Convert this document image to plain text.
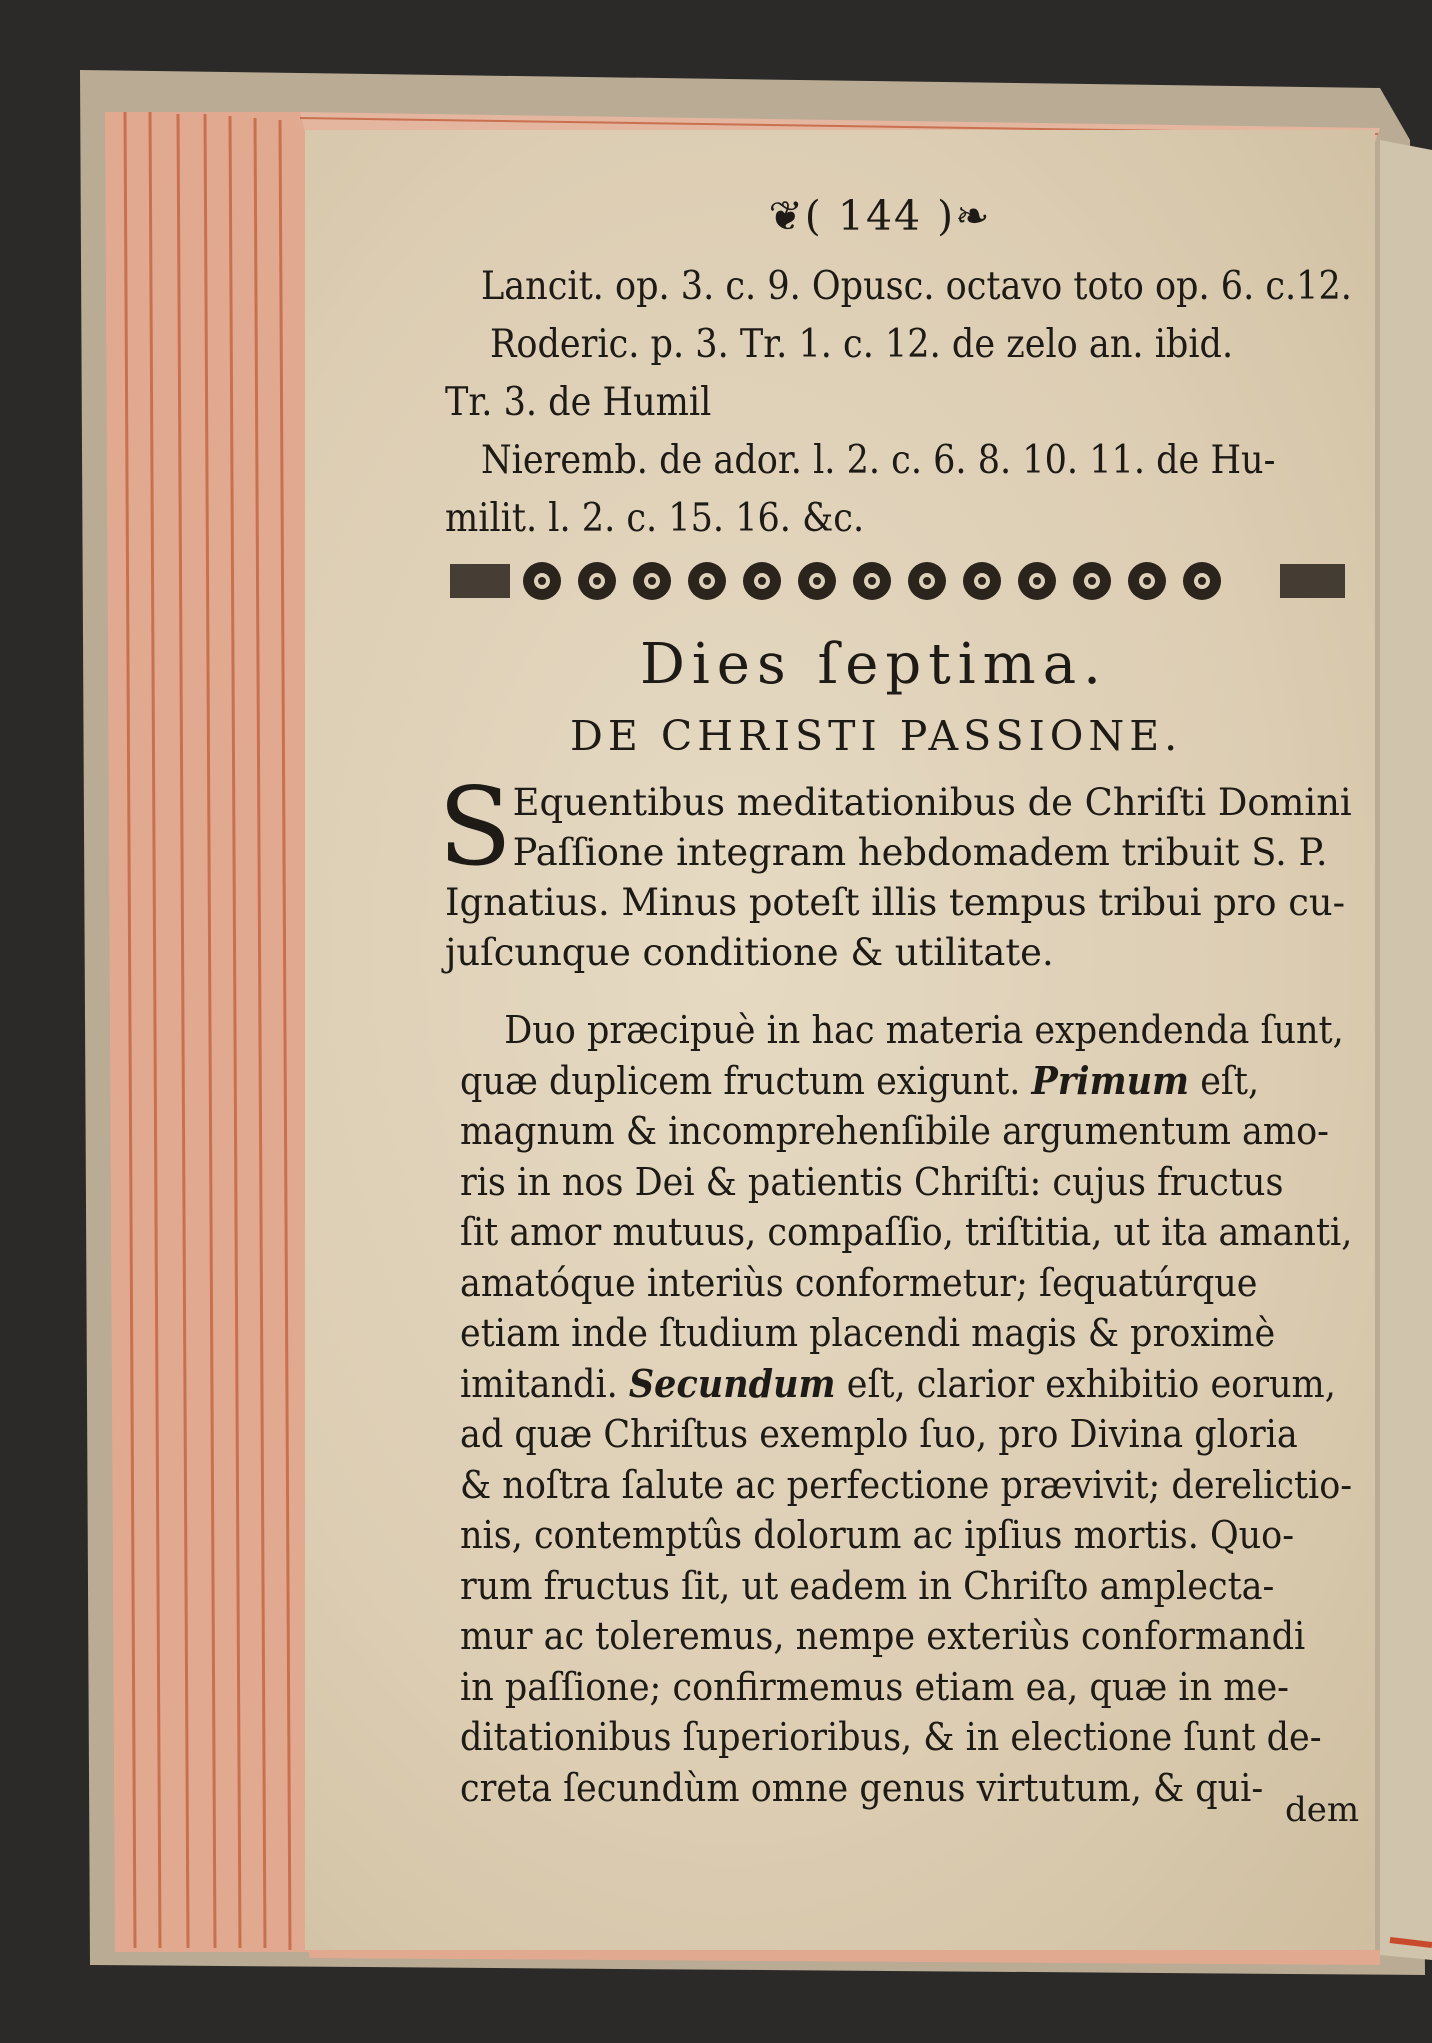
❦( 144 )❧
Lancit. op. 3. c. 9. Opusc. octavo toto op. 6. c.12.
Roderic. p. 3. Tr. 1. c. 12. de zelo an. ibid.
Tr. 3. de Humil
Nieremb. de ador. l. 2. c. 6. 8. 10. 11. de Hu-
milit. l. 2. c. 15. 16. &c.
Dies ſeptima.
DE CHRISTI PASSIONE.
S Equentibus meditationibus de Chriſti Domini
Paſſione integram hebdomadem tribuit S. P.
Ignatius. Minus poteſt illis tempus tribui pro cu-
juſcunque conditione & utilitate.
Duo præcipuè in hac materia expendenda ſunt,
quæ duplicem fructum exigunt. Primum eſt,
magnum & incomprehenſibile argumentum amo-
ris in nos Dei & patientis Chriſti: cujus fructus
ſit amor mutuus, compaſſio, triſtitia, ut ita amanti,
amatóque interiùs conformetur; ſequatúrque
etiam inde ſtudium placendi magis & proximè
imitandi. Secundum eſt, clarior exhibitio eorum,
ad quæ Chriſtus exemplo ſuo, pro Divina gloria
& noſtra ſalute ac perfectione prævivit; derelictio-
nis, contemptûs dolorum ac ipſius mortis. Quo-
rum fructus ſit, ut eadem in Chriſto amplecta-
mur ac toleremus, nempe exteriùs conformandi
in paſſione; confirmemus etiam ea, quæ in me-
ditationibus ſuperioribus, & in electione ſunt de-
creta ſecundùm omne genus virtutum, & qui-
dem
